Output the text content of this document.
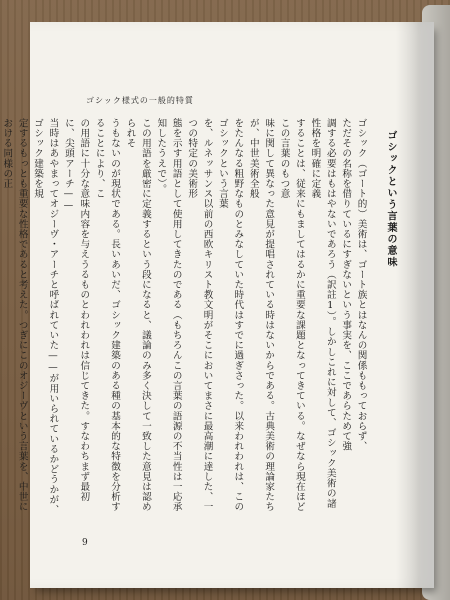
ゴシック様式の一般的特質

ゴシックという言葉の意味

ゴシック（ゴート的）美術は、ゴート族とはなんの関係ももっておらず、

ただその名称を借りているにすぎないという事実を、ここであらためて強

調する必要はもはやないであろう（訳註1）。しかしこれに対して、ゴシック美術の諸性格を明確に定義

することは、従来にもましてはるかに重要な課題となってきている。なぜなら現在ほどこの言葉のもつ意

味に関して異なった意見が提唱されている時はないからである。古典美術の理論家たちが、中世美術全般

をたんなる粗野なものとみなしていた時代はすでに過ぎさった。以来われわれは、このゴシックという言葉

を、ルネッサンス以前の西欧キリスト教文明がそこにおいてまさに最高潮に達した、一つの特定の美術形

態を示す用語として使用してきたのである（もちろんこの言葉の語源の不当性は一応承知したうえで）。

この用語を厳密に定義するという段になると、議論のみ多く決して一致した意見は認められそ

うもないのが現状である。長いあいだ、ゴシック建築のある種の基本的な特徴を分析することにより、こ

の用語に十分な意味内容を与えうるものとわれわれは信じてきた。すなわちまず最初に、尖頭アーチ——

当時はあやまってオジーヴ・アーチと呼ばれていた——が用いられているかどうかが、ゴシック建築を規

定するもっとも重要な性格であると考えた。つぎにこのオジーヴという言葉を、中世における同様の正

9
